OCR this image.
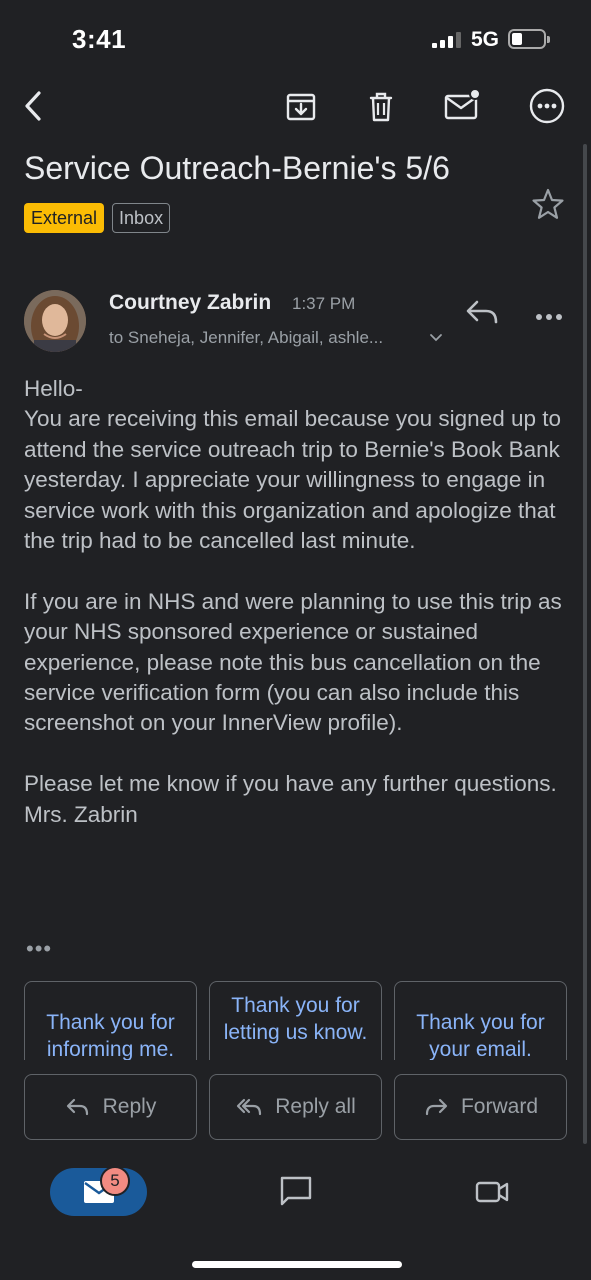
3:41	5G
Service Outreach-Bernie's 5/6
External	Inbox
Courtney Zabrin 1:37 PM
to Sneheja, Jennifer, Abigail, ashle...

Hello-

You are receiving this email because you signed up to attend the service outreach trip to Bernie's Book Bank yesterday. I appreciate your willingness to engage in service work with this organization and apologize that the trip had to be cancelled last minute.

If you are in NHS and were planning to use this trip as your NHS sponsored experience or sustained experience, please note this bus cancellation on the service verification form (you can also include this screenshot on your InnerView profile).

Please let me know if you have any further questions.

Mrs. Zabrin

•••
Thank you for informing me.
Thank you for letting us know.	Thank you for your email.
Reply	Reply all	Forward
5
